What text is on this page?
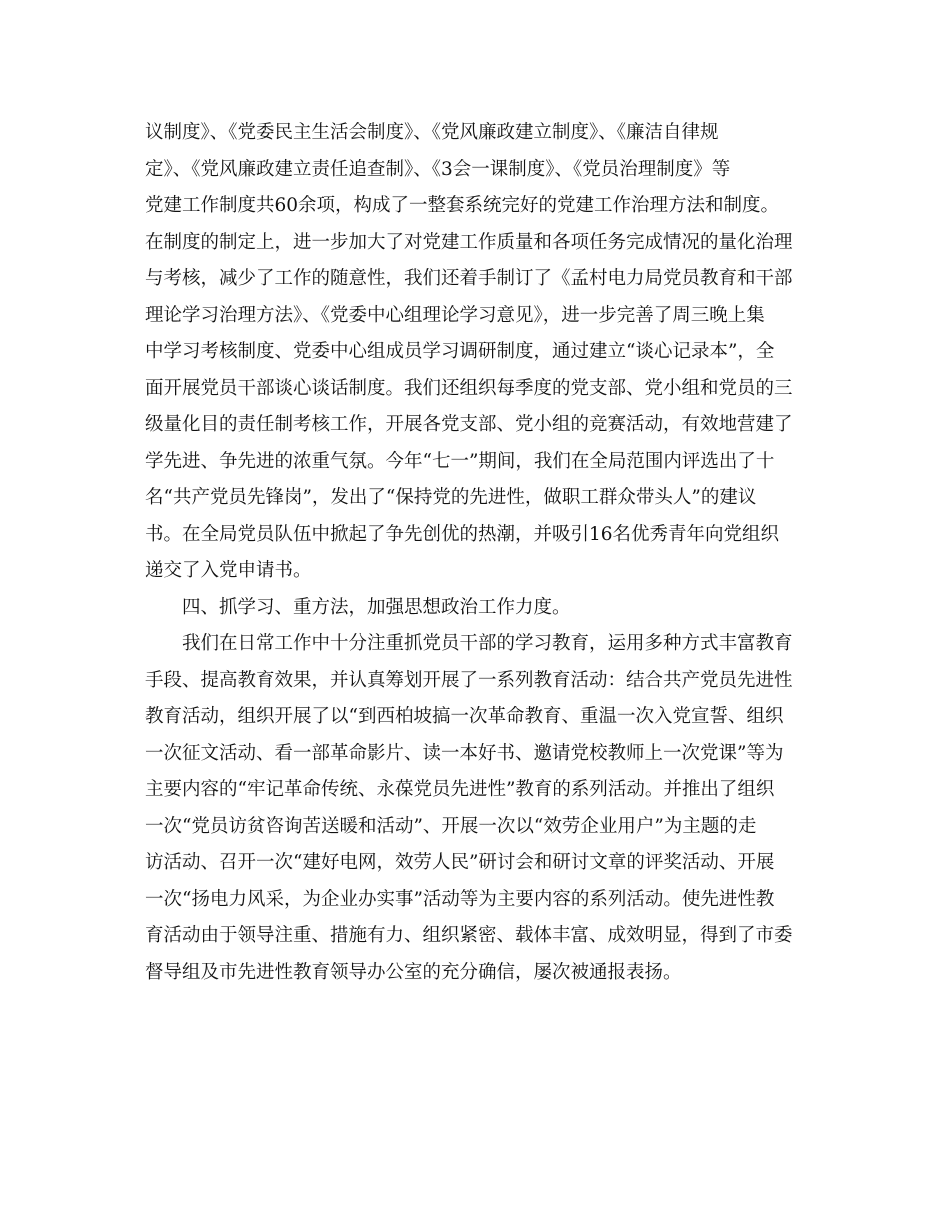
议制度》、《党委民主生活会制度》、《党风廉政建立制度》、《廉洁自律规
定》、《党风廉政建立责任追查制》、《3会一课制度》、《党员治理制度》等
党建工作制度共60余项，构成了一整套系统完好的党建工作治理方法和制度。
在制度的制定上，进一步加大了对党建工作质量和各项任务完成情况的量化治理
与考核，减少了工作的随意性，我们还着手制订了《孟村电力局党员教育和干部
理论学习治理方法》、《党委中心组理论学习意见》，进一步完善了周三晚上集
中学习考核制度、党委中心组成员学习调研制度，通过建立“谈心记录本”，全
面开展党员干部谈心谈话制度。我们还组织每季度的党支部、党小组和党员的三
级量化目的责任制考核工作，开展各党支部、党小组的竞赛活动，有效地营建了
学先进、争先进的浓重气氛。今年“七一”期间，我们在全局范围内评选出了十
名“共产党员先锋岗”，发出了“保持党的先进性，做职工群众带头人”的建议
书。在全局党员队伍中掀起了争先创优的热潮，并吸引16名优秀青年向党组织
递交了入党申请书。
四、抓学习、重方法，加强思想政治工作力度。
我们在日常工作中十分注重抓党员干部的学习教育，运用多种方式丰富教育
手段、提高教育效果，并认真筹划开展了一系列教育活动：结合共产党员先进性
教育活动，组织开展了以“到西柏坡搞一次革命教育、重温一次入党宣誓、组织
一次征文活动、看一部革命影片、读一本好书、邀请党校教师上一次党课”等为
主要内容的“牢记革命传统、永葆党员先进性”教育的系列活动。并推出了组织
一次“党员访贫咨询苦送暖和活动”、开展一次以“效劳企业用户”为主题的走
访活动、召开一次“建好电网，效劳人民”研讨会和研讨文章的评奖活动、开展
一次“扬电力风采，为企业办实事”活动等为主要内容的系列活动。使先进性教
育活动由于领导注重、措施有力、组织紧密、载体丰富、成效明显，得到了市委
督导组及市先进性教育领导办公室的充分确信，屡次被通报表扬。
